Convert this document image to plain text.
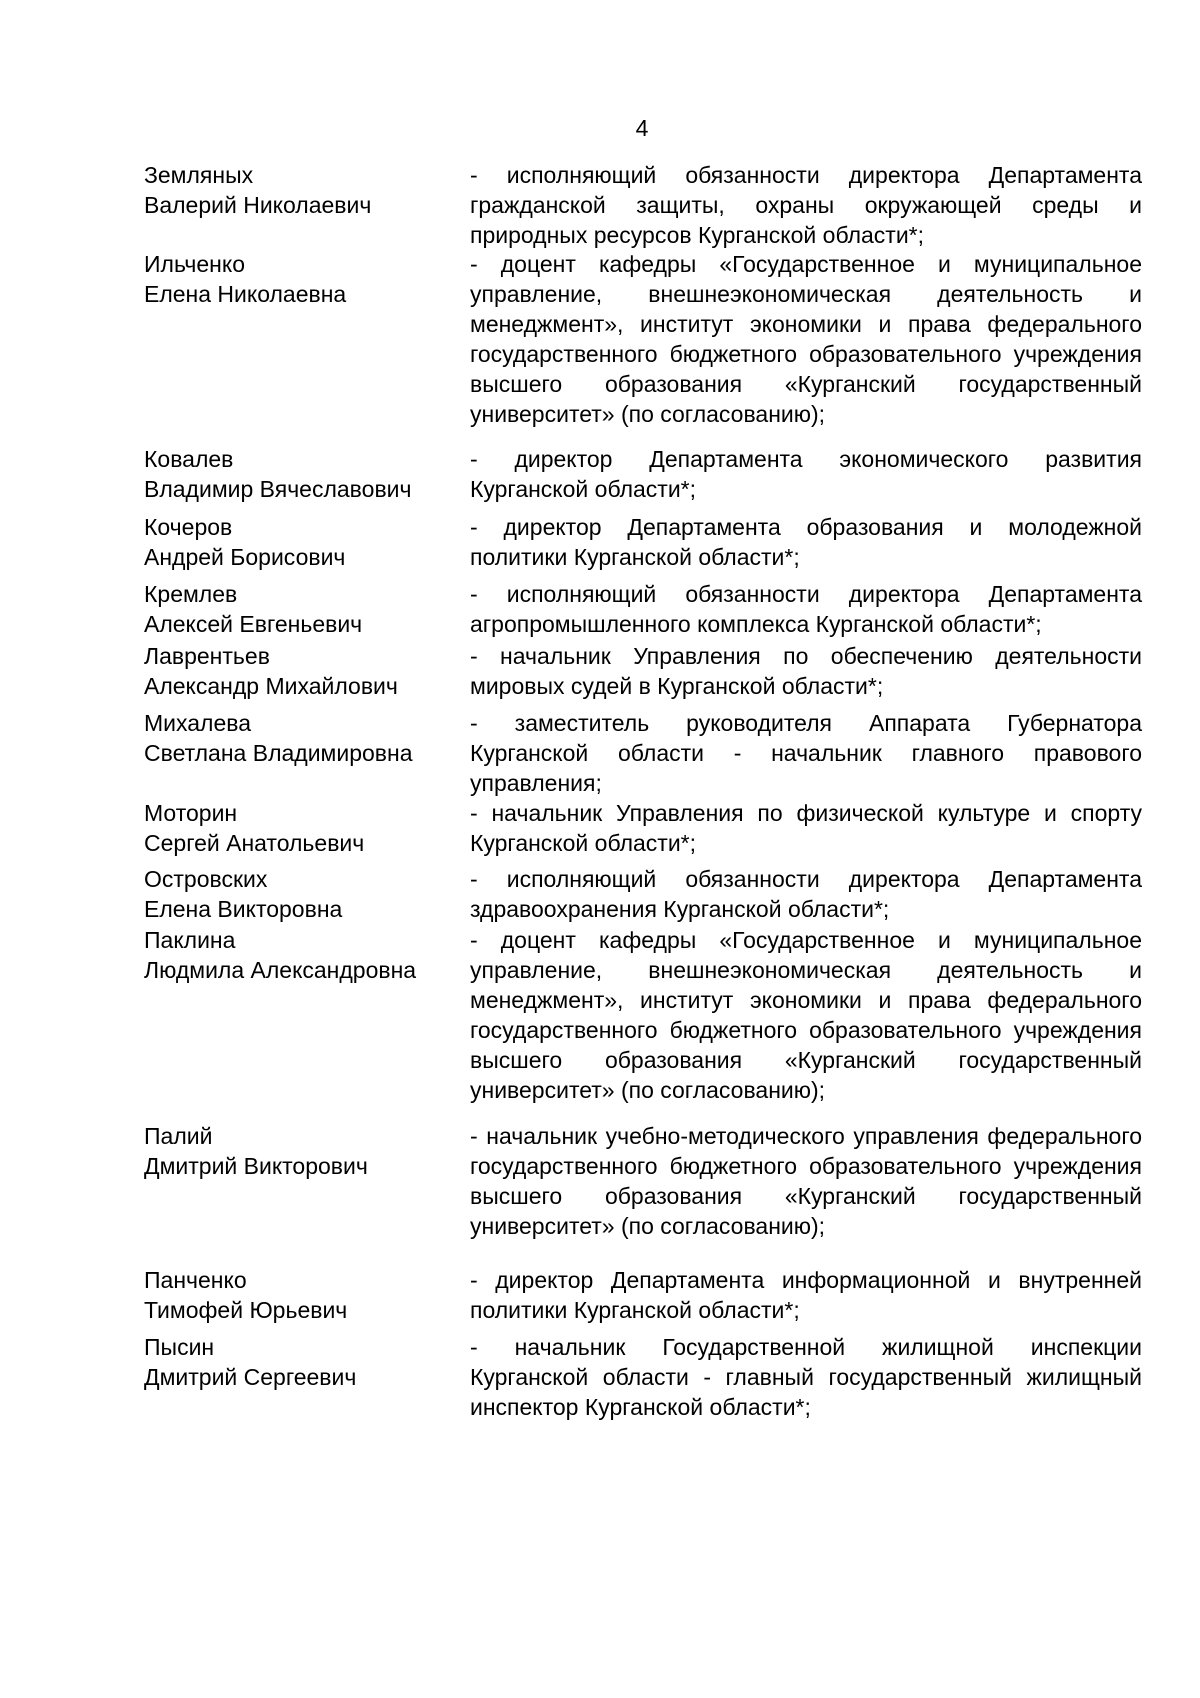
4
Земляных
Валерий Николаевич
- исполняющий обязанности директора Департамента гражданской защиты, охраны окружающей среды и природных ресурсов Курганской области*;
Ильченко
Елена Николаевна
- доцент кафедры «Государственное и муниципальное управление, внешнеэкономическая деятельность и менеджмент», институт экономики и права федерального государственного бюджетного образовательного учреждения высшего образования «Курганский государственный университет» (по согласованию);
Ковалев
Владимир Вячеславович
- директор Департамента экономического развития Курганской области*;
Кочеров
Андрей Борисович
- директор Департамента образования и молодежной политики Курганской области*;
Кремлев
Алексей Евгеньевич
- исполняющий обязанности директора Департамента агропромышленного комплекса Курганской области*;
Лаврентьев
Александр Михайлович
- начальник Управления по обеспечению деятельности мировых судей в Курганской области*;
Михалева
Светлана Владимировна
- заместитель руководителя Аппарата Губернатора Курганской области - начальник главного правового управления;
Моторин
Сергей Анатольевич
- начальник Управления по физической культуре и спорту Курганской области*;
Островских
Елена Викторовна
- исполняющий обязанности директора Департамента здравоохранения Курганской области*;
Паклина
Людмила Александровна
- доцент кафедры «Государственное и муниципальное управление, внешнеэкономическая деятельность и менеджмент», институт экономики и права федерального государственного бюджетного образовательного учреждения высшего образования «Курганский государственный университет» (по согласованию);
Палий
Дмитрий Викторович
- начальник учебно-методического управления федерального государственного бюджетного образовательного учреждения высшего образования «Курганский государственный университет» (по согласованию);
Панченко
Тимофей Юрьевич
- директор Департамента информационной и внутренней политики Курганской области*;
Пысин
Дмитрий Сергеевич
- начальник Государственной жилищной инспекции Курганской области - главный государственный жилищный инспектор Курганской области*;
